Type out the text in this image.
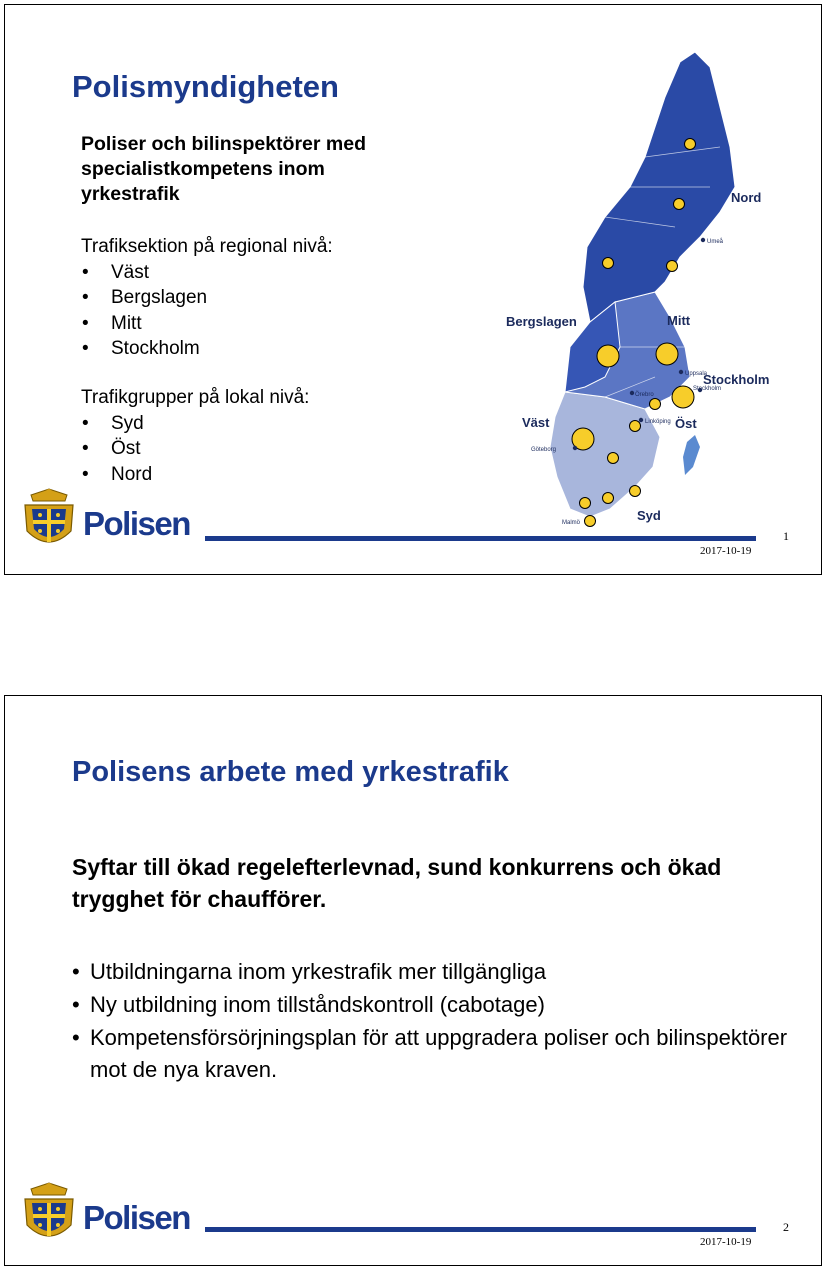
Polismyndigheten
Poliser och bilinspektörer med specialistkompetens inom yrkestrafik

Trafiksektion på regional nivå:

• Väst
• Bergslagen
• Mitt
• Stockholm

Trafikgrupper på lokal nivå:

• Syd
• Öst
• Nord
Nord
Bergslagen	Mitt
Stockholm
Väst	Öst
Syd
Umeå
Uppsala
Örebro
Stockholm
Linköping
Göteborg
Malmö
Polisen	1
2017-10-19
Polisens arbete med yrkestrafik
Syftar till ökad regelefterlevnad, sund konkurrens och ökad trygghet för chaufförer.
• Utbildningarna inom yrkestrafik mer tillgängliga
• Ny utbildning inom tillståndskontroll (cabotage)
• Kompetensförsörjningsplan för att uppgradera poliser och bilinspektörer mot de nya kraven.
Polisen	2
2017-10-19
